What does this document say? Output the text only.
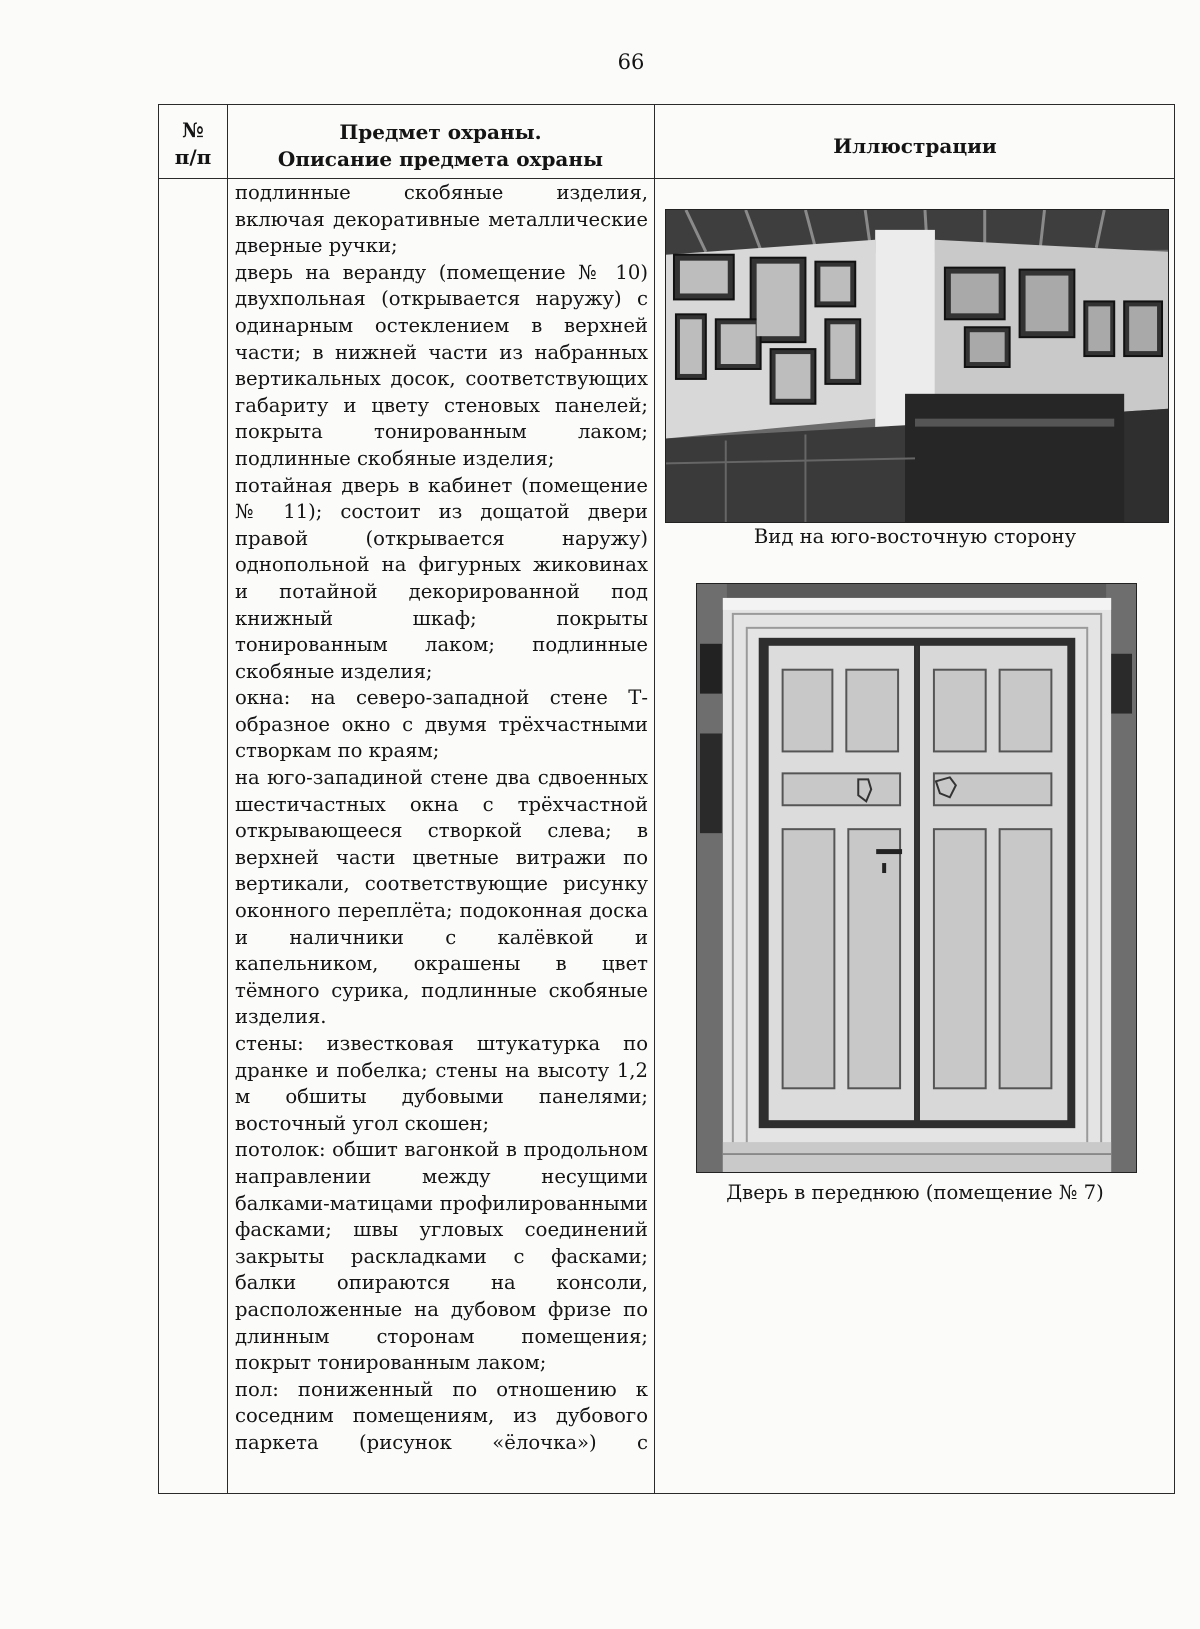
66
№
п/п
Предмет охраны.
Описание предмета охраны
Иллюстрации

подлинные скобяные изделия, включая декоративные металлические дверные ручки;

дверь на веранду (помещение № 10) двухпольная (открывается наружу) с одинарным остеклением в верхней части; в нижней части из набранных вертикальных досок, соответствующих габариту и цвету стеновых панелей; покрыта тонированным лаком; подлинные скобяные изделия;

потайная дверь в кабинет (помещение № 11); состоит из дощатой двери правой (открывается наружу) однопольной на фигурных жиковинах и потайной декорированной под книжный шкаф; покрыты тонированным лаком; подлинные скобяные изделия;

окна: на северо-западной стене Т-образное окно с двумя трёхчастными створкам по краям;

на юго-западиной стене два сдвоенных шестичастных окна с трёхчастной открывающееся створкой слева; в верхней части цветные витражи по вертикали, соответствующие рисунку оконного переплёта; подоконная доска и наличники с калёвкой и капельником, окрашены в цвет тёмного сурика, подлинные скобяные изделия.

стены: известковая штукатурка по дранке и побелка; стены на высоту 1,2 м обшиты дубовыми панелями; восточный угол скошен;

потолок: обшит вагонкой в продольном направлении между несущими балками-матицами профилированными фасками; швы угловых соединений закрыты раскладками с фасками; балки опираются на консоли, расположенные на дубовом фризе по длинным сторонам помещения; покрыт тонированным лаком;

пол: пониженный по отношению к соседним помещениям, из дубового паркета (рисунок «ёлочка») с

Вид на юго-восточную сторону
Дверь в переднюю (помещение № 7)
